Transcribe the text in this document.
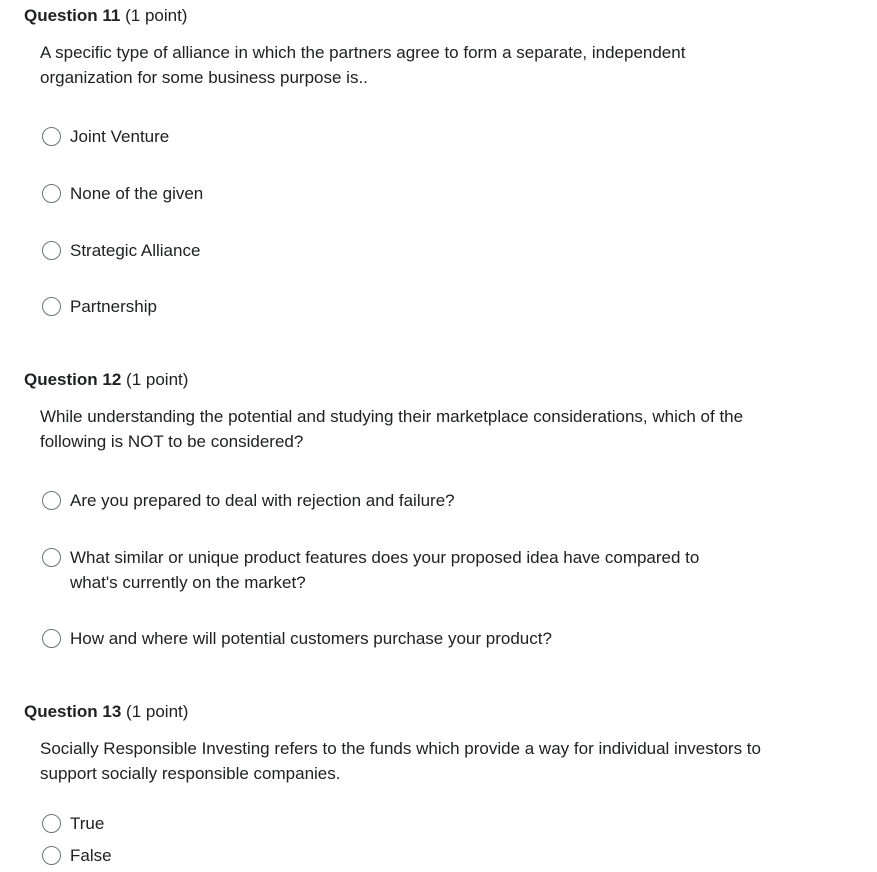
Question 11 (1 point)
A specific type of alliance in which the partners agree to form a separate, independent organization for some business purpose is..
Joint Venture
None of the given
Strategic Alliance
Partnership
Question 12 (1 point)
While understanding the potential and studying their marketplace considerations, which of the following is NOT to be considered?
Are you prepared to deal with rejection and failure?
What similar or unique product features does your proposed idea have compared to what's currently on the market?
How and where will potential customers purchase your product?
Question 13 (1 point)
Socially Responsible Investing refers to the funds which provide a way for individual investors to support socially responsible companies.
True
False
